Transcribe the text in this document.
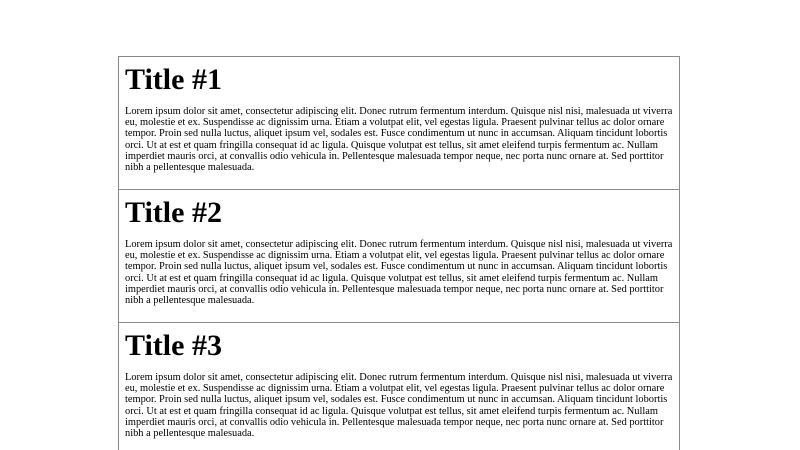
Title #1

Lorem ipsum dolor sit amet, consectetur adipiscing elit. Donec rutrum fermentum interdum. Quisque nisl nisi, malesuada ut viverra eu, molestie et ex. Suspendisse ac dignissim urna. Etiam a volutpat elit, vel egestas ligula. Praesent pulvinar tellus ac dolor ornare tempor. Proin sed nulla luctus, aliquet ipsum vel, sodales est. Fusce condimentum ut nunc in accumsan. Aliquam tincidunt lobortis orci. Ut at est et quam fringilla consequat id ac ligula. Quisque volutpat est tellus, sit amet eleifend turpis fermentum ac. Nullam imperdiet mauris orci, at convallis odio vehicula in. Pellentesque malesuada tempor neque, nec porta nunc ornare at. Sed porttitor nibh a pellentesque malesuada.

Title #2

Lorem ipsum dolor sit amet, consectetur adipiscing elit. Donec rutrum fermentum interdum. Quisque nisl nisi, malesuada ut viverra eu, molestie et ex. Suspendisse ac dignissim urna. Etiam a volutpat elit, vel egestas ligula. Praesent pulvinar tellus ac dolor ornare tempor. Proin sed nulla luctus, aliquet ipsum vel, sodales est. Fusce condimentum ut nunc in accumsan. Aliquam tincidunt lobortis orci. Ut at est et quam fringilla consequat id ac ligula. Quisque volutpat est tellus, sit amet eleifend turpis fermentum ac. Nullam imperdiet mauris orci, at convallis odio vehicula in. Pellentesque malesuada tempor neque, nec porta nunc ornare at. Sed porttitor nibh a pellentesque malesuada.

Title #3

Lorem ipsum dolor sit amet, consectetur adipiscing elit. Donec rutrum fermentum interdum. Quisque nisl nisi, malesuada ut viverra eu, molestie et ex. Suspendisse ac dignissim urna. Etiam a volutpat elit, vel egestas ligula. Praesent pulvinar tellus ac dolor ornare tempor. Proin sed nulla luctus, aliquet ipsum vel, sodales est. Fusce condimentum ut nunc in accumsan. Aliquam tincidunt lobortis orci. Ut at est et quam fringilla consequat id ac ligula. Quisque volutpat est tellus, sit amet eleifend turpis fermentum ac. Nullam imperdiet mauris orci, at convallis odio vehicula in. Pellentesque malesuada tempor neque, nec porta nunc ornare at. Sed porttitor nibh a pellentesque malesuada.
